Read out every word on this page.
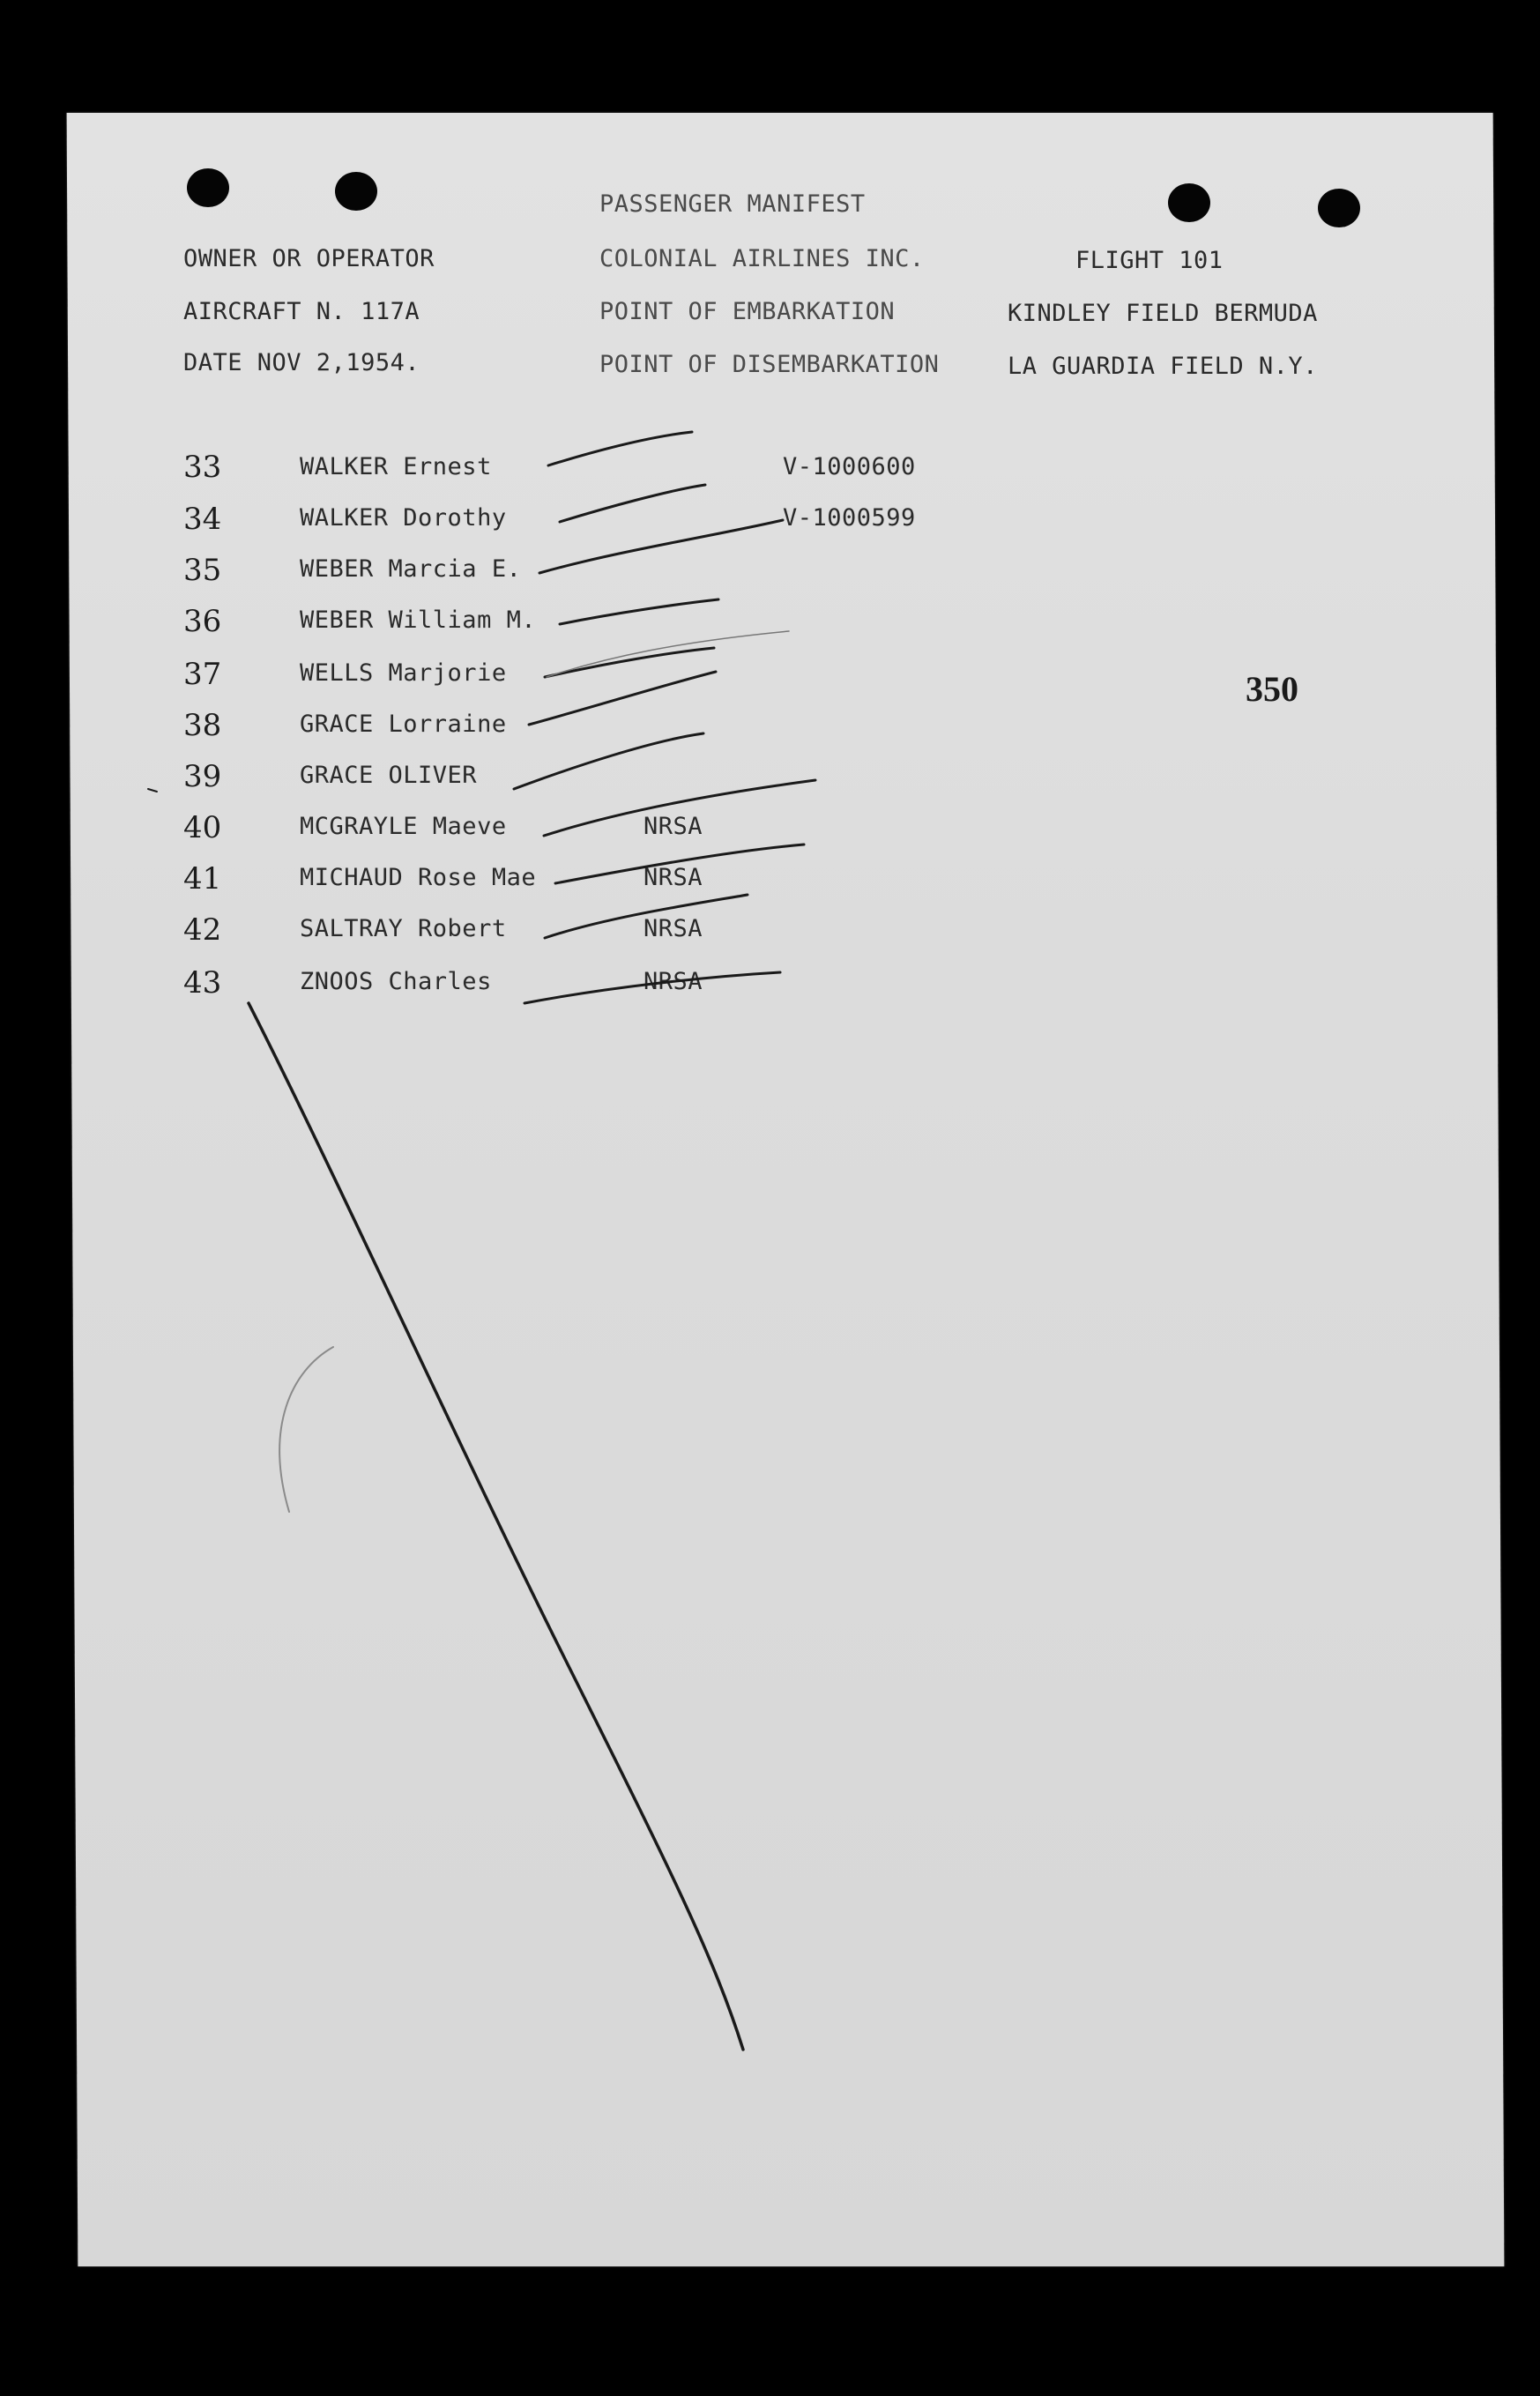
PASSENGER MANIFEST
OWNER OR OPERATOR	COLONIAL AIRLINES INC.	FLIGHT 101
AIRCRAFT N. 117A	POINT OF EMBARKATION	KINDLEY FIELD BERMUDA
DATE NOV 2,1954.	POINT OF DISEMBARKATION	LA GUARDIA FIELD N.Y.
33	WALKER Ernest	V-1000600
34	WALKER Dorothy	V-1000599
35	WEBER Marcia E.
36	WEBER William M.
37	WELLS Marjorie
38	GRACE Lorraine
39	GRACE OLIVER
40	MCGRAYLE Maeve	NRSA
41	MICHAUD Rose Mae	NRSA
42	SALTRAY Robert	NRSA
43	ZNOOS Charles	NRSA
350
